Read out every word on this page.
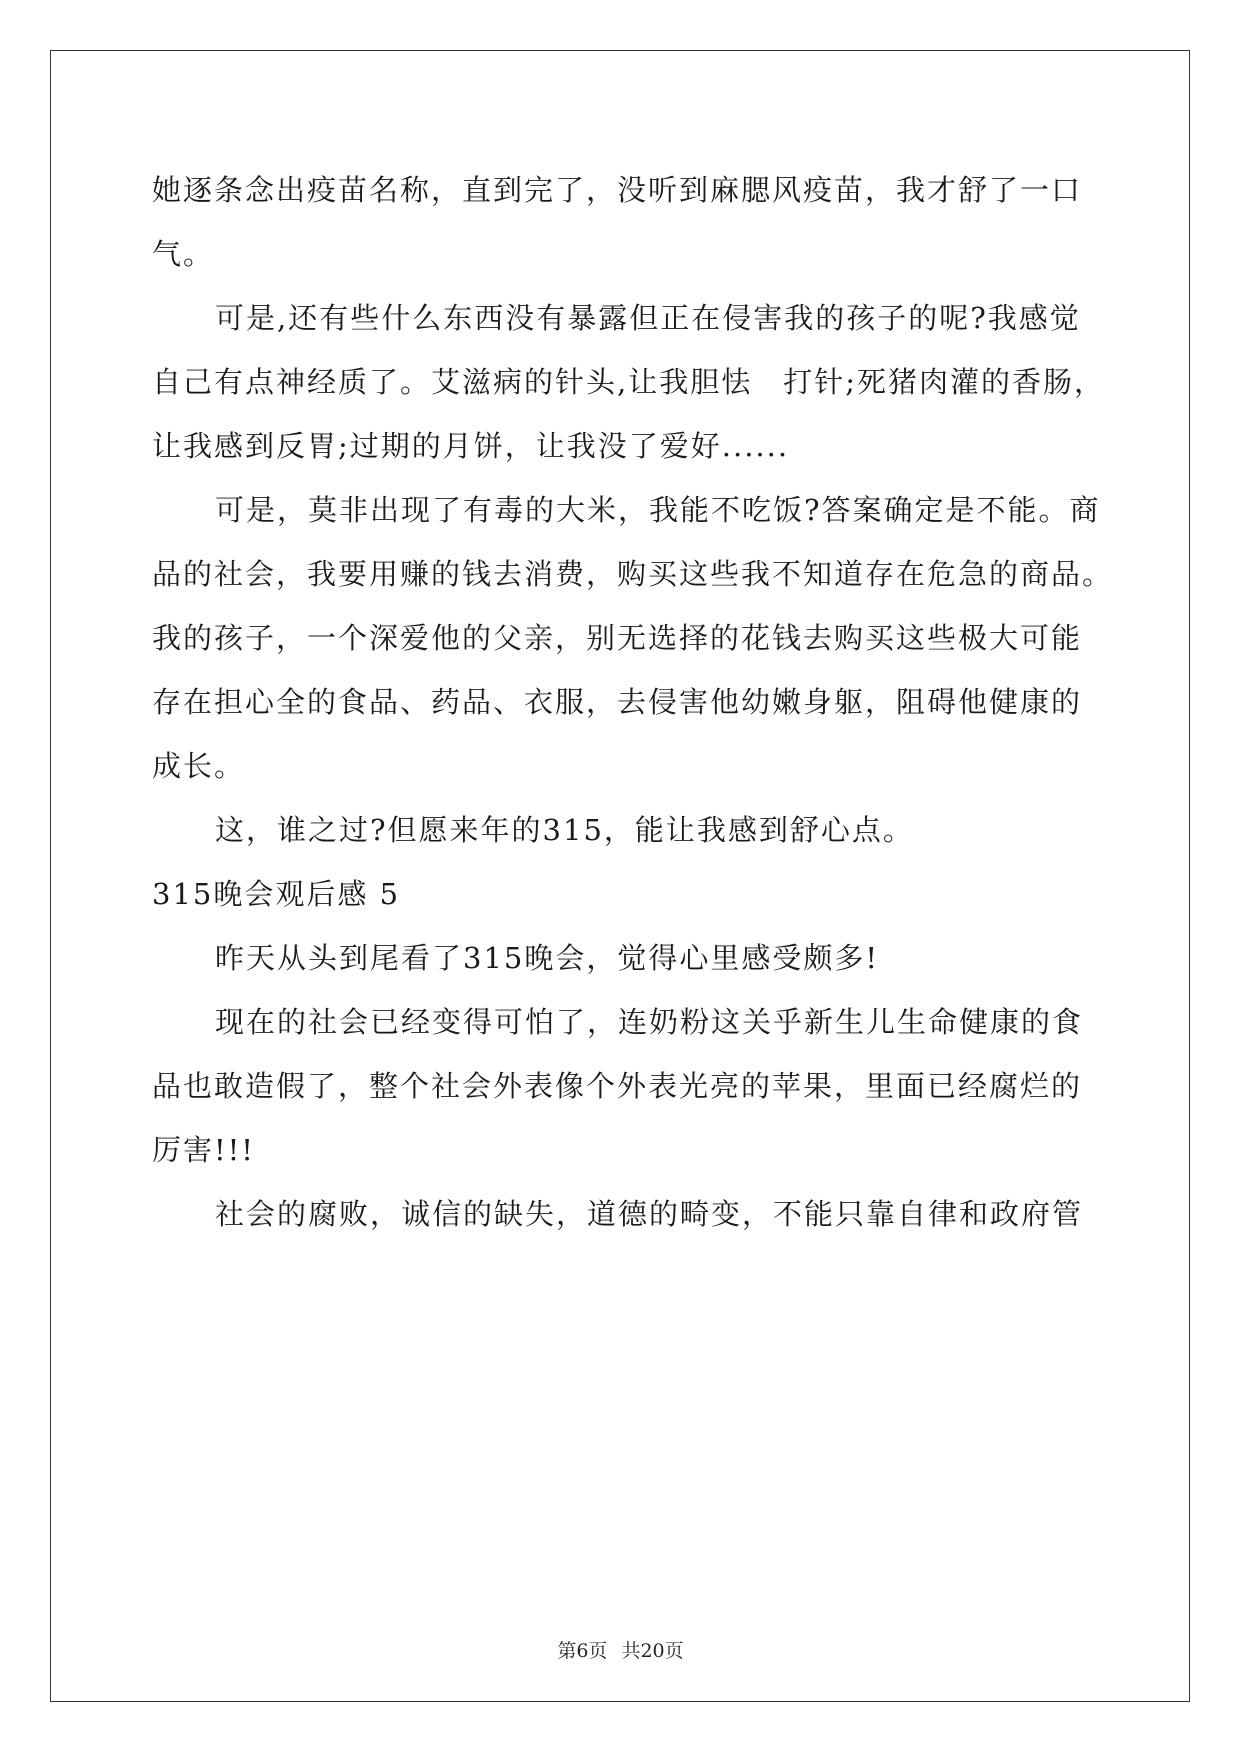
她逐条念出疫苗名称，直到完了，没听到麻腮风疫苗，我才舒了一口
气。
可是,还有些什么东西没有暴露但正在侵害我的孩子的呢?我感觉
自己有点神经质了。艾滋病的针头,让我胆怯　打针;死猪肉灌的香肠，
让我感到反胃;过期的月饼，让我没了爱好......
可是，莫非出现了有毒的大米，我能不吃饭?答案确定是不能。商
品的社会，我要用赚的钱去消费，购买这些我不知道存在危急的商品。
我的孩子，一个深爱他的父亲，别无选择的花钱去购买这些极大可能
存在担心全的食品、药品、衣服，去侵害他幼嫩身躯，阻碍他健康的
成长。
这，谁之过?但愿来年的315，能让我感到舒心点。
315晚会观后感 5
昨天从头到尾看了315晚会，觉得心里感受颇多!
现在的社会已经变得可怕了，连奶粉这关乎新生儿生命健康的食
品也敢造假了，整个社会外表像个外表光亮的苹果，里面已经腐烂的
厉害!!!
社会的腐败，诚信的缺失，道德的畸变，不能只靠自律和政府管
第6页 共20页
